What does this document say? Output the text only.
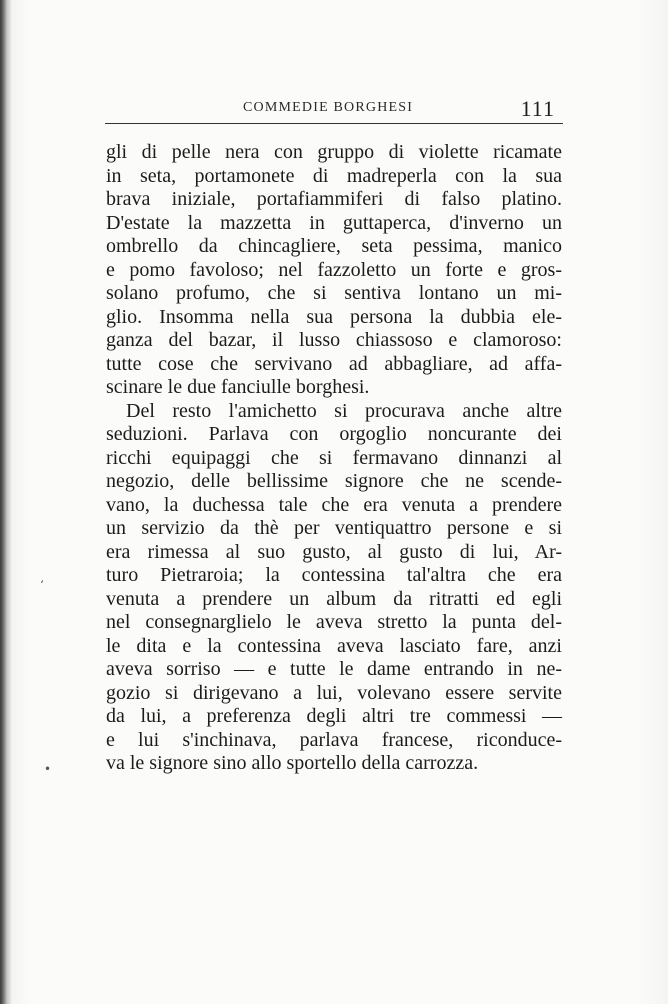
COMMEDIE BORGHESI	111
gli di pelle nera con gruppo di violette ricamate
in seta, portamonete di madreperla con la sua
brava iniziale, portafiammiferi di falso platino.
D'estate la mazzetta in guttaperca, d'inverno un
ombrello da chincagliere, seta pessima, manico
e pomo favoloso; nel fazzoletto un forte e gros-
solano profumo, che si sentiva lontano un mi-
glio. Insomma nella sua persona la dubbia ele-
ganza del bazar, il lusso chiassoso e clamoroso:
tutte cose che servivano ad abbagliare, ad affa-
scinare le due fanciulle borghesi.
Del resto l'amichetto si procurava anche altre
seduzioni. Parlava con orgoglio noncurante dei
ricchi equipaggi che si fermavano dinnanzi al
negozio, delle bellissime signore che ne scende-
vano, la duchessa tale che era venuta a prendere
un servizio da thè per ventiquattro persone e si
era rimessa al suo gusto, al gusto di lui, Ar-
turo Pietraroia; la contessina tal'altra che era
venuta a prendere un album da ritratti ed egli
nel consegnarglielo le aveva stretto la punta del-
le dita e la contessina aveva lasciato fare, anzi
aveva sorriso — e tutte le dame entrando in ne-
gozio si dirigevano a lui, volevano essere servite
da lui, a preferenza degli altri tre commessi —
e lui s'inchinava, parlava francese, riconduce-
va le signore sino allo sportello della carrozza.
‘
•
